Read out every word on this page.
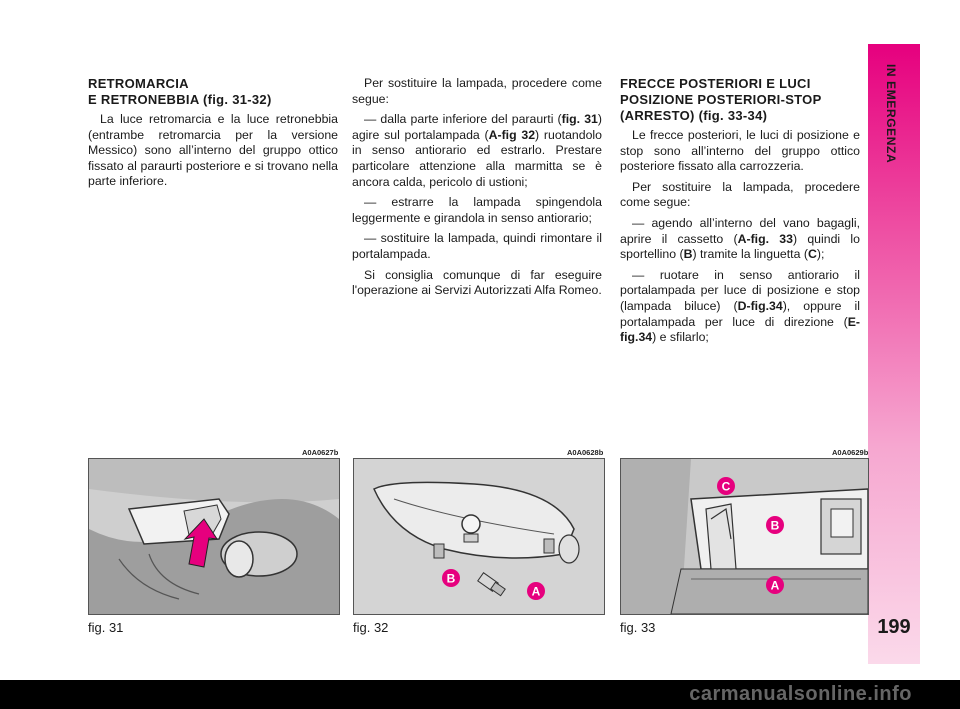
IN EMERGENZA
199
RETROMARCIA
E RETRONEBBIA (fig. 31-32)

La luce retromarcia e la luce retronebbia (entrambe retromarcia per la versione Messico) sono all’interno del gruppo ottico fissato al paraurti posteriore e si trovano nella parte inferiore.

Per sostituire la lampada, procedere come segue:

— dalla parte inferiore del paraurti (fig. 31) agire sul portalampada (A-fig 32) ruotandolo in senso antiorario ed estrarlo. Prestare particolare attenzione alla marmitta se è ancora calda, pericolo di ustioni;

— estrarre la lampada spingendola leggermente e girandola in senso antiorario;

— sostituire la lampada, quindi rimontare il portalampada.

Si consiglia comunque di far eseguire l'operazione ai Servizi Autorizzati Alfa Romeo.

FRECCE POSTERIORI E LUCI
POSIZIONE POSTERIORI-STOP
(ARRESTO) (fig. 33-34)

Le frecce posteriori, le luci di posizione e stop sono all’interno del gruppo ottico posteriore fissato alla carrozzeria.

Per sostituire la lampada, procedere come segue:

— agendo all’interno del vano bagagli, aprire il cassetto (A-fig. 33) quindi lo sportellino (B) tramite la linguetta (C);

— ruotare in senso antiorario il portalampada per luce di posizione e stop (lampada biluce) (D-fig.34), oppure il portalampada per luce di direzione (E-fig.34) e sfilarlo;

A0A0627b	A0A0628b	A0A0629b
fig. 31
B
A
fig. 32
C
B
A
fig. 33
carmanualsonline.info
